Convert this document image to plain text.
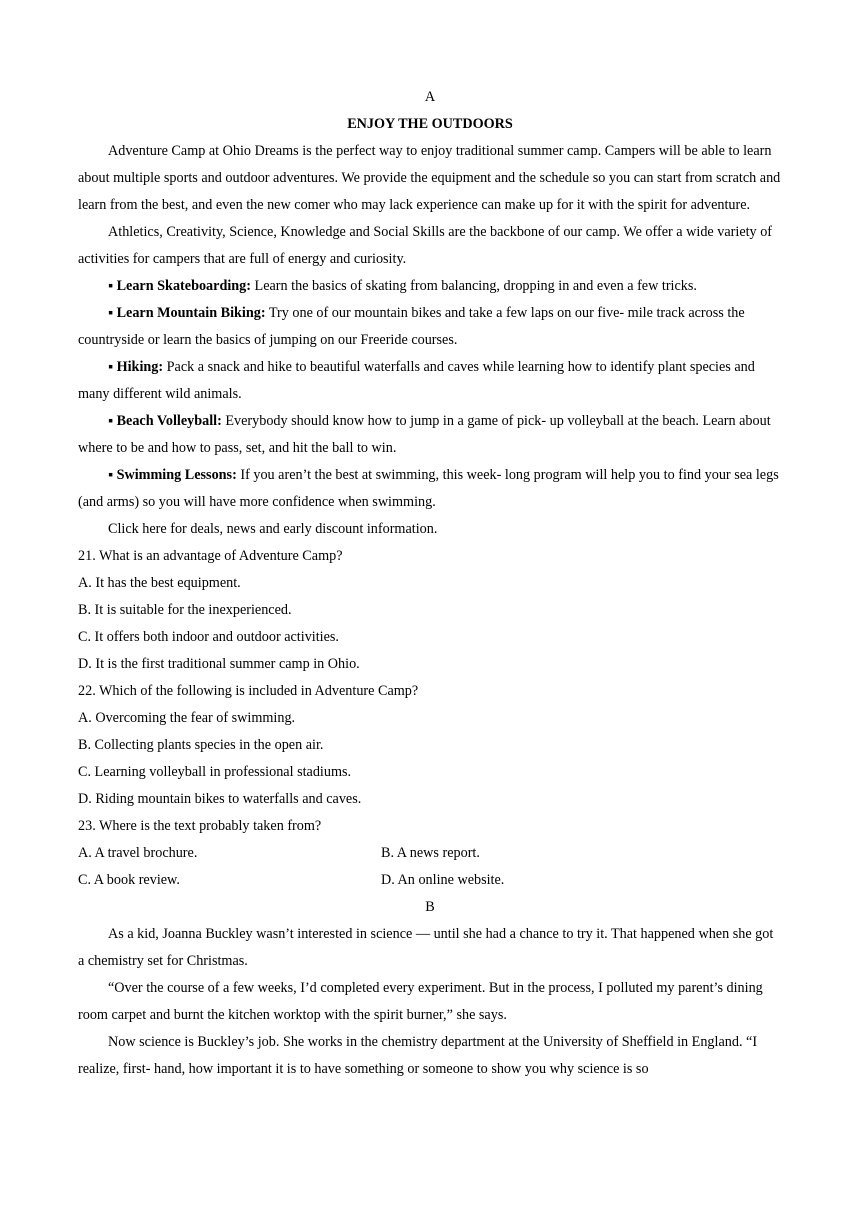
A

ENJOY THE OUTDOORS

Adventure Camp at Ohio Dreams is the perfect way to enjoy traditional summer camp. Campers will be able to learn about multiple sports and outdoor adventures. We provide the equipment and the schedule so you can start from scratch and learn from the best, and even the new comer who may lack experience can make up for it with the spirit for adventure.

Athletics, Creativity, Science, Knowledge and Social Skills are the backbone of our camp. We offer a wide variety of activities for campers that are full of energy and curiosity.

▪ Learn Skateboarding: Learn the basics of skating from balancing, dropping in and even a few tricks.

▪ Learn Mountain Biking: Try one of our mountain bikes and take a few laps on our five- mile track across the countryside or learn the basics of jumping on our Freeride courses.

▪ Hiking: Pack a snack and hike to beautiful waterfalls and caves while learning how to identify plant species and many different wild animals.

▪ Beach Volleyball: Everybody should know how to jump in a game of pick- up volleyball at the beach. Learn about where to be and how to pass, set, and hit the ball to win.

▪ Swimming Lessons: If you aren’t the best at swimming, this week- long program will help you to find your sea legs (and arms) so you will have more confidence when swimming.

Click here for deals, news and early discount information.

21. What is an advantage of Adventure Camp?

A. It has the best equipment.

B. It is suitable for the inexperienced.

C. It offers both indoor and outdoor activities.

D. It is the first traditional summer camp in Ohio.

22. Which of the following is included in Adventure Camp?

A. Overcoming the fear of swimming.

B. Collecting plants species in the open air.

C. Learning volleyball in professional stadiums.

D. Riding mountain bikes to waterfalls and caves.

23. Where is the text probably taken from?

A. A travel brochure.	B. A news report.
C. A book review.	D. An online website.

B

As a kid, Joanna Buckley wasn’t interested in science — until she had a chance to try it. That happened when she got a chemistry set for Christmas.

“Over the course of a few weeks, I’d completed every experiment. But in the process, I polluted my parent’s dining room carpet and burnt the kitchen worktop with the spirit burner,” she says.

Now science is Buckley’s job. She works in the chemistry department at the University of Sheffield in England. “I realize, first- hand, how important it is to have something or someone to show you why science is so
